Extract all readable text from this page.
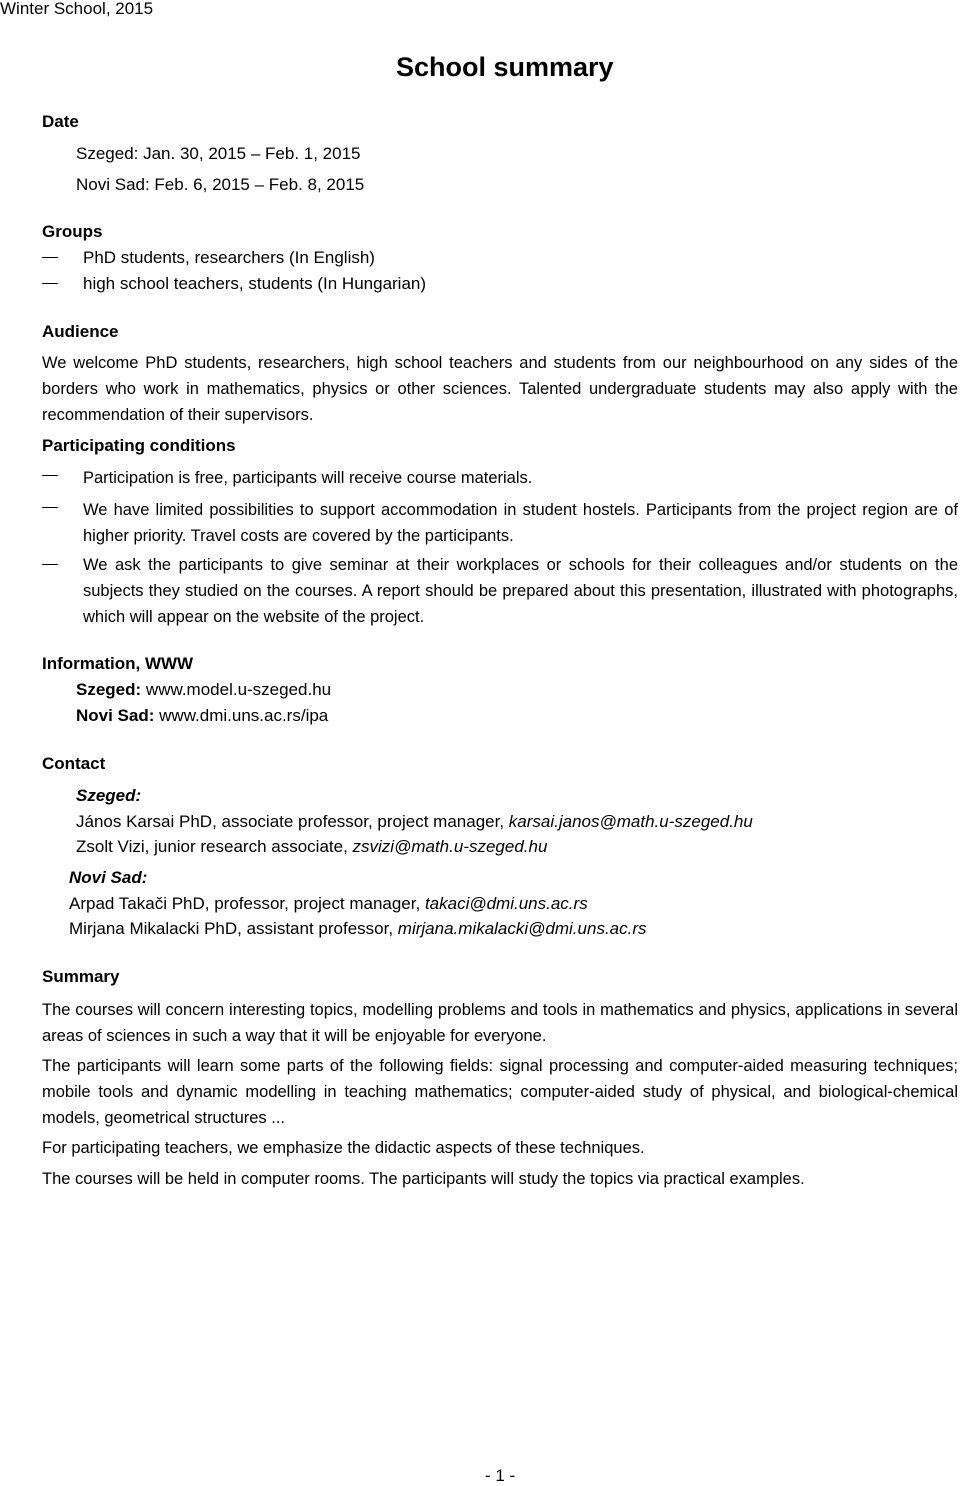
Winter School, 2015
School summary
Date
Szeged: Jan. 30, 2015 – Feb. 1, 2015
Novi Sad: Feb. 6, 2015 – Feb. 8, 2015
Groups
PhD students, researchers (In English)
high school teachers, students (In Hungarian)
Audience
We welcome PhD students, researchers, high school teachers and students from our neighbourhood on any sides of the borders who work in mathematics, physics or other sciences. Talented undergraduate students may also apply with the recommendation of their supervisors.
Participating conditions
Participation is free, participants will receive course materials.
We have limited possibilities to support accommodation in student hostels. Participants from the project region are of higher priority. Travel costs are covered by the participants.
We ask the participants to give seminar at their workplaces or schools for their colleagues and/or students on the subjects they studied on the courses. A report should be prepared about this presentation, illustrated with photographs, which will appear on the website of the project.
Information, WWW
Szeged: www.model.u-szeged.hu
Novi Sad: www.dmi.uns.ac.rs/ipa
Contact
Szeged:
János Karsai PhD, associate professor, project manager, karsai.janos@math.u-szeged.hu
Zsolt Vizi, junior research associate, zsvizi@math.u-szeged.hu
Novi Sad:
Arpad Takači PhD, professor, project manager, takaci@dmi.uns.ac.rs
Mirjana Mikalacki PhD, assistant professor, mirjana.mikalacki@dmi.uns.ac.rs
Summary
The courses will concern interesting topics, modelling problems and tools in mathematics and physics, applications in several areas of sciences in such a way that it will be enjoyable for everyone.
The participants will learn some parts of the following fields: signal processing and computer-aided measuring techniques; mobile tools and dynamic modelling in teaching mathematics; computer-aided study of physical, and biological-chemical models, geometrical structures ...
For participating teachers, we emphasize the didactic aspects of these techniques.
The courses will be held in computer rooms. The participants will study the topics via practical examples.
- 1 -
